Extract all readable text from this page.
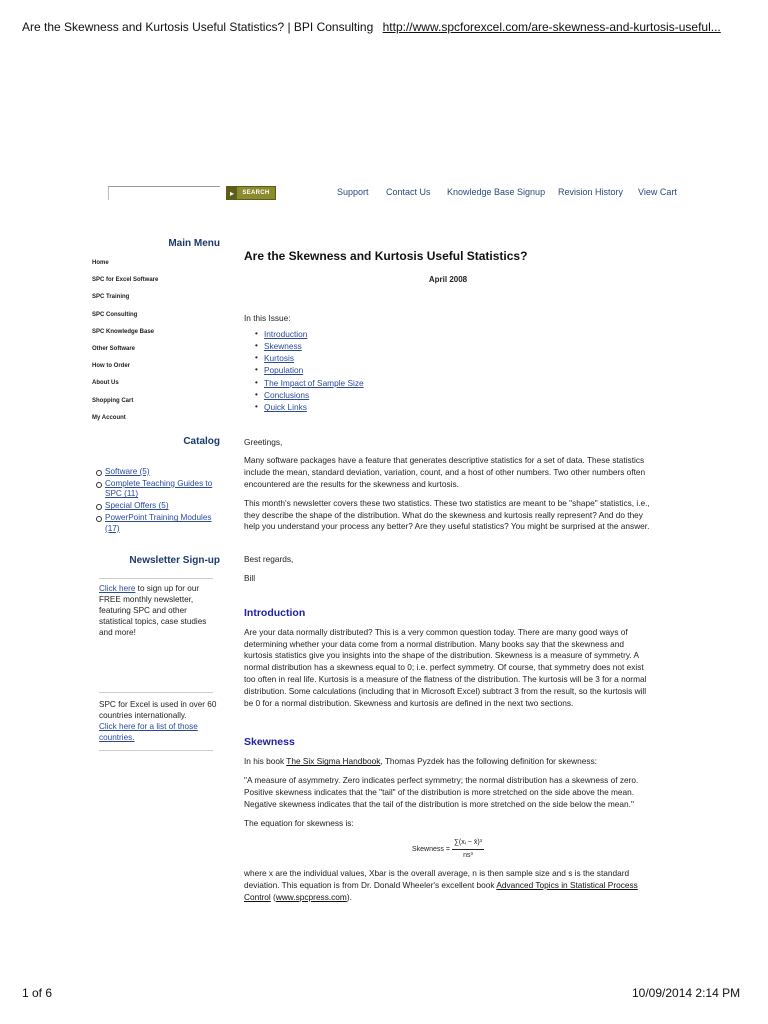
Are the Skewness and Kurtosis Useful Statistics? | BPI Consulting http://www.spcforexcel.com/are-skewness-and-kurtosis-useful...
▸	SEARCH	Support Contact Us Knowledge Base Signup Revision History View Cart
Main Menu
Home
SPC for Excel Software
SPC Training
SPC Consulting
SPC Knowledge Base
Other Software
How to Order
About Us
Shopping Cart
My Account
Catalog
Software (5)
Complete Teaching Guides to SPC (11)
Special Offers (5)
PowerPoint Training Modules (17)
Newsletter Sign-up

Click here to sign up for our FREE monthly newsletter, featuring SPC and other statistical topics, case studies and more!

SPC for Excel is used in over 60 countries internationally.

Click here for a list of those countries.

Are the Skewness and Kurtosis Useful Statistics?
April 2008

In this Issue:

• Introduction
• Skewness
• Kurtosis
• Population
• The Impact of Sample Size
• Conclusions
• Quick Links

Greetings,

Many software packages have a feature that generates descriptive statistics for a set of data. These statistics include the mean, standard deviation, variation, count, and a host of other numbers. Two other numbers often encountered are the results for the skewness and kurtosis.

This month's newsletter covers these two statistics. These two statistics are meant to be "shape" statistics, i.e., they describe the shape of the distribution. What do the skewness and kurtosis really represent? And do they help you understand your process any better? Are they useful statistics? You might be surprised at the answer.

Best regards,

Bill

Introduction

Are your data normally distributed? This is a very common question today. There are many good ways of determining whether your data come from a normal distribution. Many books say that the skewness and kurtosis statistics give you insights into the shape of the distribution. Skewness is a measure of symmetry. A normal distribution has a skewness equal to 0; i.e. perfect symmetry. Of course, that symmetry does not exist too often in real life. Kurtosis is a measure of the flatness of the distribution. The kurtosis will be 3 for a normal distribution. Some calculations (including that in Microsoft Excel) subtract 3 from the result, so the kurtosis will be 0 for a normal distribution. Skewness and kurtosis are defined in the next two sections.

Skewness

In his book The Six Sigma Handbook, Thomas Pyzdek has the following definition for skewness:

"A measure of asymmetry. Zero indicates perfect symmetry; the normal distribution has a skewness of zero. Positive skewness indicates that the "tail" of the distribution is more stretched on the side above the mean. Negative skewness indicates that the tail of the distribution is more stretched on the side below the mean."

The equation for skewness is:

Skewness = $\frac{\text{∑(xᵢ − x̄)³}}{\text{ns³}}$

where x are the individual values, Xbar is the overall average, n is then sample size and s is the standard deviation. This equation is from Dr. Donald Wheeler's excellent book Advanced Topics in Statistical Process Control (www.spcpress.com).

1 of 6	10/09/2014 2:14 PM
